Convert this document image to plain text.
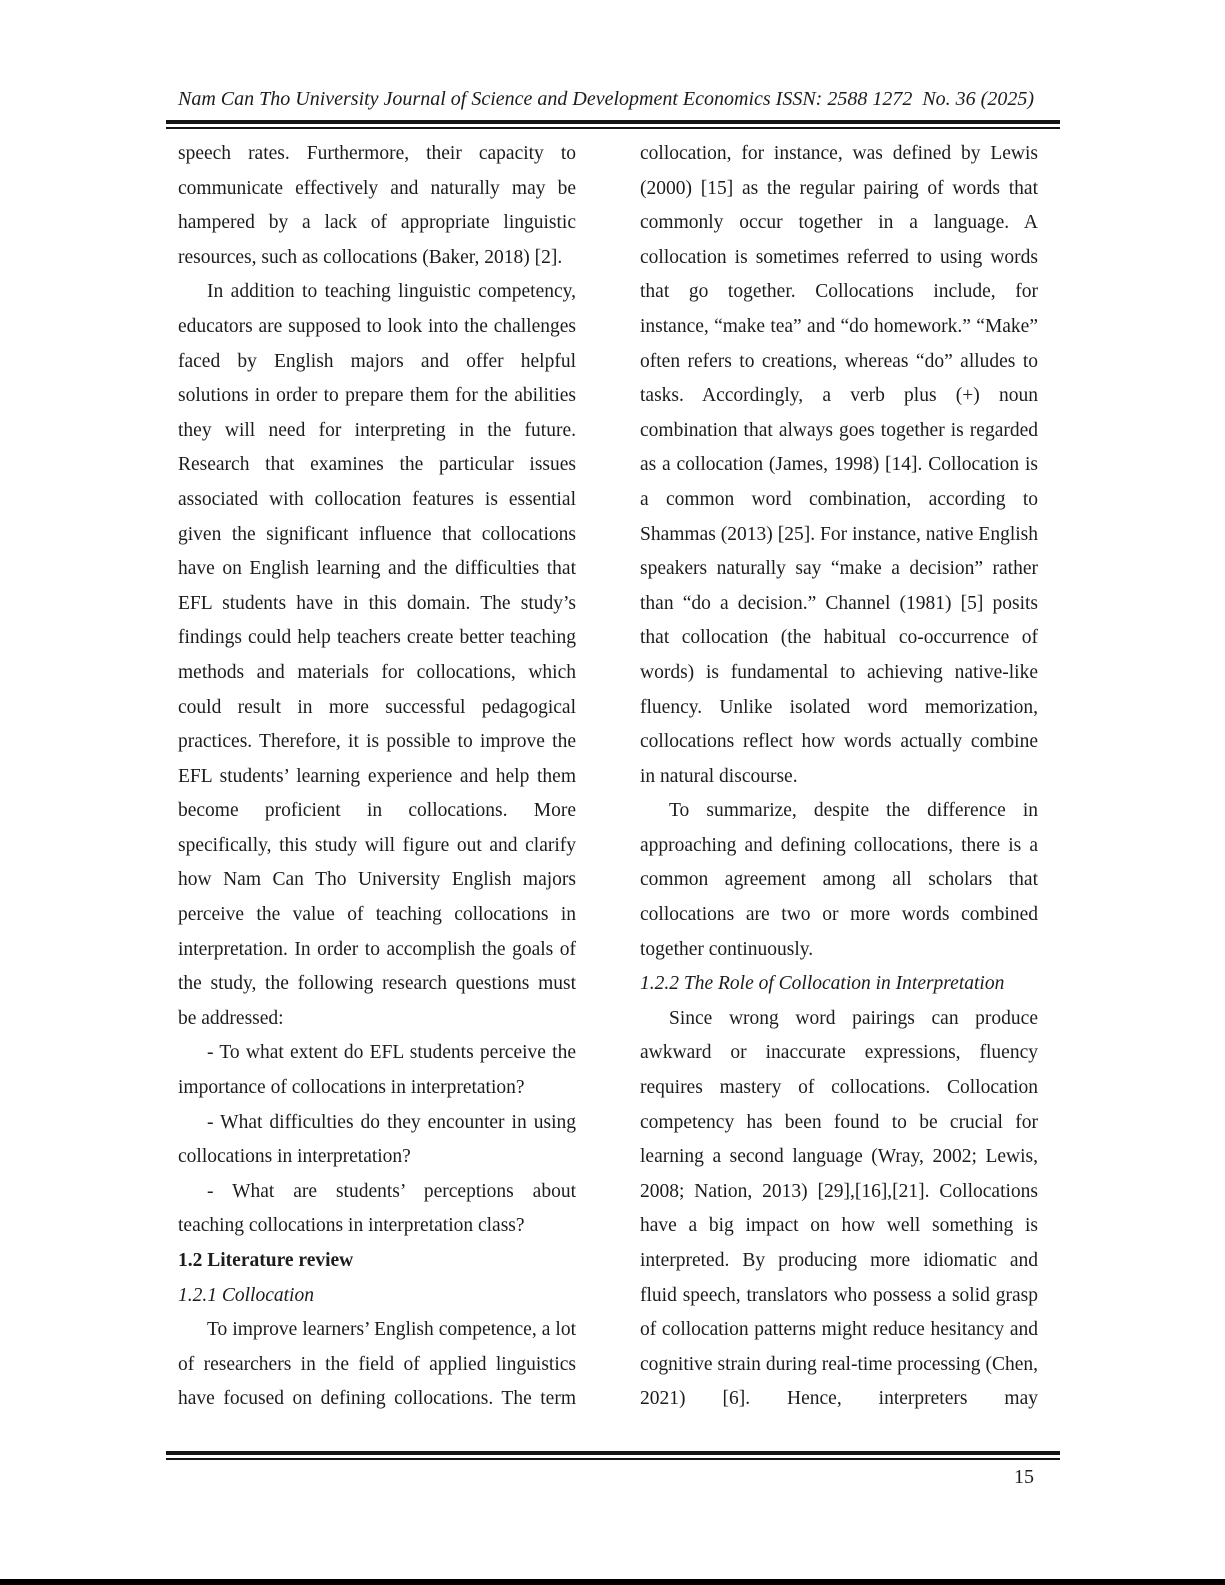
Nam Can Tho University Journal of Science and Development Economics ISSN: 2588 1272  No. 36 (2025)

speech rates. Furthermore, their capacity to communicate effectively and naturally may be hampered by a lack of appropriate linguistic resources, such as collocations (Baker, 2018) [2].

In addition to teaching linguistic competency, educators are supposed to look into the challenges faced by English majors and offer helpful solutions in order to prepare them for the abilities they will need for interpreting in the future. Research that examines the particular issues associated with collocation features is essential given the significant influence that collocations have on English learning and the difficulties that EFL students have in this domain. The study’s findings could help teachers create better teaching methods and materials for collocations, which could result in more successful pedagogical practices. Therefore, it is possible to improve the EFL students’ learning experience and help them become proficient in collocations. More specifically, this study will figure out and clarify how Nam Can Tho University English majors perceive the value of teaching collocations in interpretation. In order to accomplish the goals of the study, the following research questions must be addressed:

- To what extent do EFL students perceive the importance of collocations in interpretation?

- What difficulties do they encounter in using collocations in interpretation?

- What are students’ perceptions about teaching collocations in interpretation class?

1.2 Literature review

1.2.1 Collocation

To improve learners’ English competence, a lot of researchers in the field of applied linguistics have focused on defining collocations. The term

collocation, for instance, was defined by Lewis (2000) [15] as the regular pairing of words that commonly occur together in a language. A collocation is sometimes referred to using words that go together. Collocations include, for instance, “make tea” and “do homework.” “Make” often refers to creations, whereas “do” alludes to tasks. Accordingly, a verb plus (+) noun combination that always goes together is regarded as a collocation (James, 1998) [14]. Collocation is a common word combination, according to Shammas (2013) [25]. For instance, native English speakers naturally say “make a decision” rather than “do a decision.” Channel (1981) [5] posits that collocation (the habitual co-occurrence of words) is fundamental to achieving native-like fluency. Unlike isolated word memorization, collocations reflect how words actually combine in natural discourse.

To summarize, despite the difference in approaching and defining collocations, there is a common agreement among all scholars that collocations are two or more words combined together continuously.

1.2.2 The Role of Collocation in Interpretation

Since wrong word pairings can produce awkward or inaccurate expressions, fluency requires mastery of collocations. Collocation competency has been found to be crucial for learning a second language (Wray, 2002; Lewis, 2008; Nation, 2013) [29],[16],[21]. Collocations have a big impact on how well something is interpreted. By producing more idiomatic and fluid speech, translators who possess a solid grasp of collocation patterns might reduce hesitancy and cognitive strain during real-time processing (Chen, 2021) [6]. Hence, interpreters may

15
